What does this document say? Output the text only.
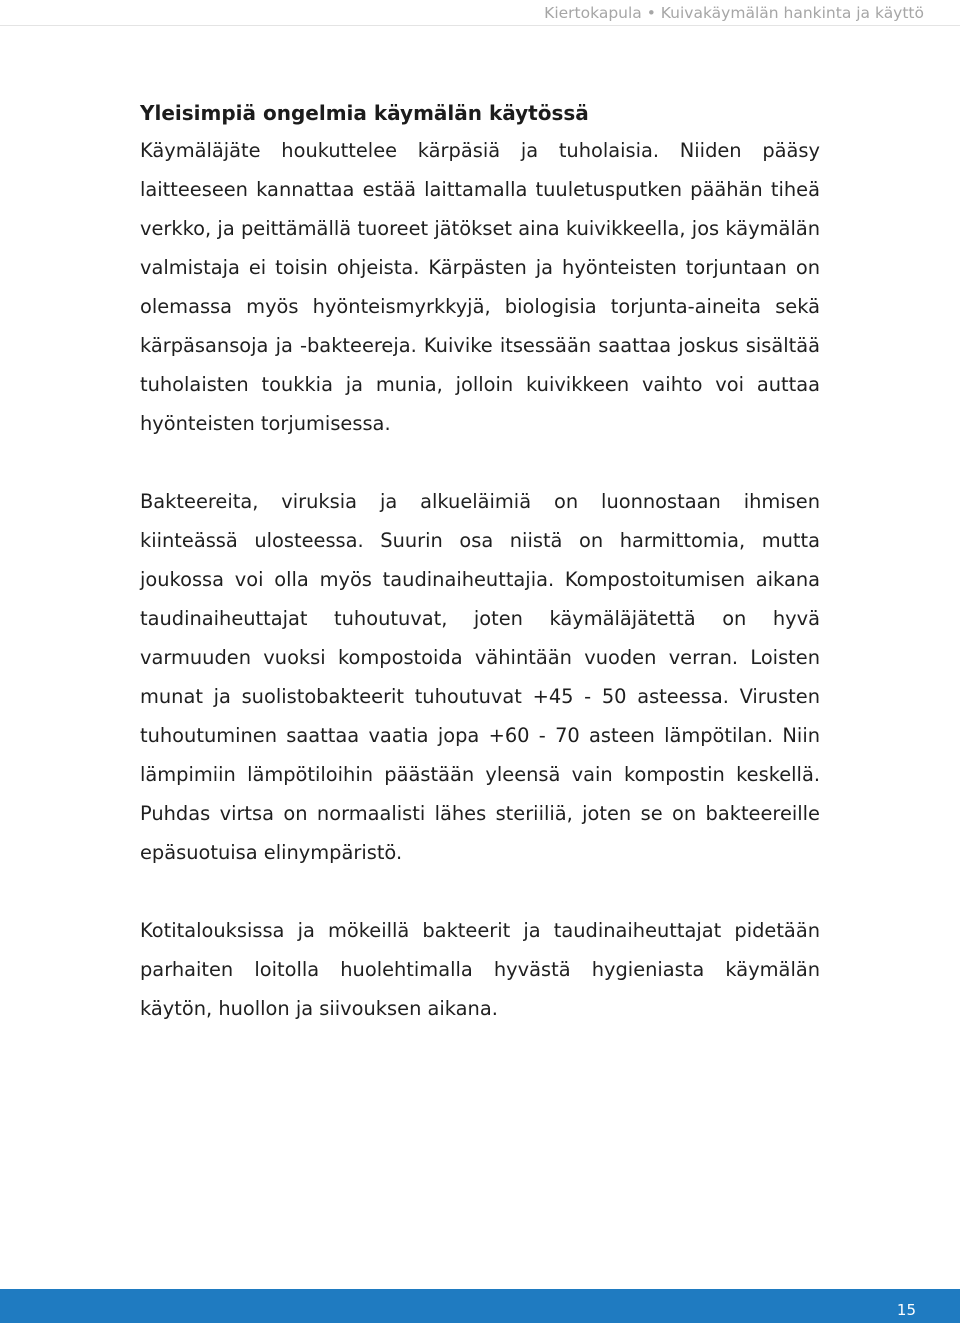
Kiertokapula • Kuivakäymälän hankinta ja käyttö
Yleisimpiä ongelmia käymälän käytössä

Käymäläjäte houkuttelee kärpäsiä ja tuholaisia. Niiden pääsy laitteeseen kannattaa estää laittamalla tuuletusputken päähän tiheä verkko, ja peittämällä tuoreet jätökset aina kuivikkeella, jos käymälän valmistaja ei toisin ohjeista. Kärpästen ja hyönteisten torjuntaan on olemassa myös hyönteismyrkkyjä, biologisia torjunta-aineita sekä kärpäsansoja ja -bakteereja. Kuivike itsessään saattaa joskus sisältää tuholaisten toukkia ja munia, jolloin kuivikkeen vaihto voi auttaa hyönteisten torjumisessa.

Bakteereita, viruksia ja alkueläimiä on luonnostaan ihmisen kiinteässä ulosteessa. Suurin osa niistä on harmittomia, mutta joukossa voi olla myös taudinaiheuttajia. Kompostoitumisen aikana taudinaiheuttajat tuhoutuvat, joten käymäläjätettä on hyvä varmuuden vuoksi kompostoida vähintään vuoden verran. Loisten munat ja suolistobakteerit tuhoutuvat +45 - 50 asteessa. Virusten tuhoutuminen saattaa vaatia jopa +60 - 70 asteen lämpötilan. Niin lämpimiin lämpötiloihin päästään yleensä vain kompostin keskellä. Puhdas virtsa on normaalisti lähes steriiliä, joten se on bakteereille epäsuotuisa elinympäristö.

Kotitalouksissa ja mökeillä bakteerit ja taudinaiheuttajat pidetään parhaiten loitolla huolehtimalla hyvästä hygieniasta käymälän käytön, huollon ja siivouksen aikana.

15
